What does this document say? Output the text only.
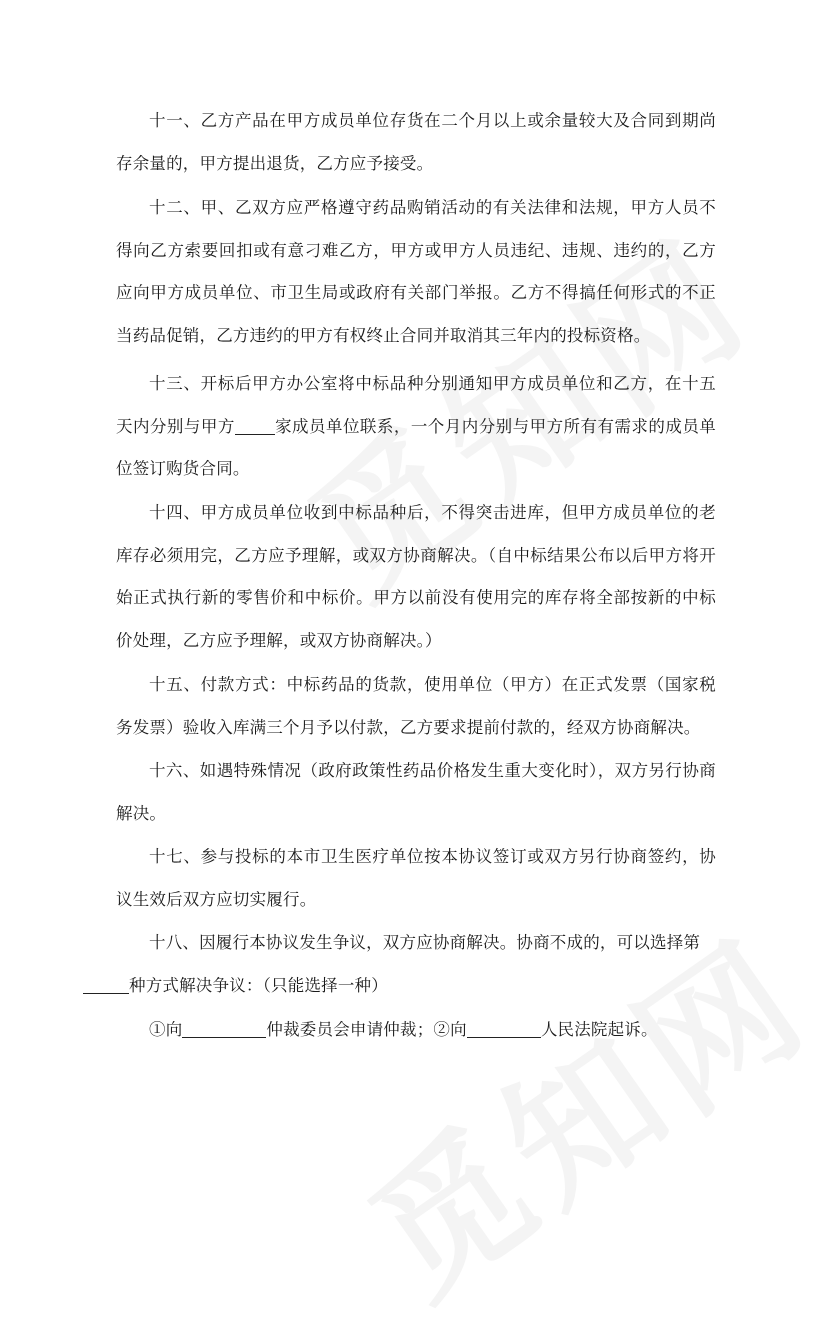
十一、乙方产品在甲方成员单位存货在二个月以上或余量较大及合同到期尚存余量的，甲方提出退货，乙方应予接受。

十二、甲、乙双方应严格遵守药品购销活动的有关法律和法规，甲方人员不得向乙方索要回扣或有意刁难乙方，甲方或甲方人员违纪、违规、违约的，乙方应向甲方成员单位、市卫生局或政府有关部门举报。乙方不得搞任何形式的不正当药品促销，乙方违约的甲方有权终止合同并取消其三年内的投标资格。

十三、开标后甲方办公室将中标品种分别通知甲方成员单位和乙方，在十五天内分别与甲方 家成员单位联系，一个月内分别与甲方所有有需求的成员单位签订购货合同。

十四、甲方成员单位收到中标品种后，不得突击进库，但甲方成员单位的老库存必须用完，乙方应予理解，或双方协商解决。（自中标结果公布以后甲方将开始正式执行新的零售价和中标价。甲方以前没有使用完的库存将全部按新的中标价处理，乙方应予理解，或双方协商解决。）

十五、付款方式：中标药品的货款，使用单位（甲方）在正式发票（国家税务发票）验收入库满三个月予以付款，乙方要求提前付款的，经双方协商解决。

十六、如遇特殊情况（政府政策性药品价格发生重大变化时），双方另行协商解决。

十七、参与投标的本市卫生医疗单位按本协议签订或双方另行协商签约，协议生效后双方应切实履行。

十八、因履行本协议发生争议，双方应协商解决。协商不成的，可以选择第
种方式解决争议：（只能选择一种）

①向	仲裁委员会申请仲裁；②向	人民法院起诉。
